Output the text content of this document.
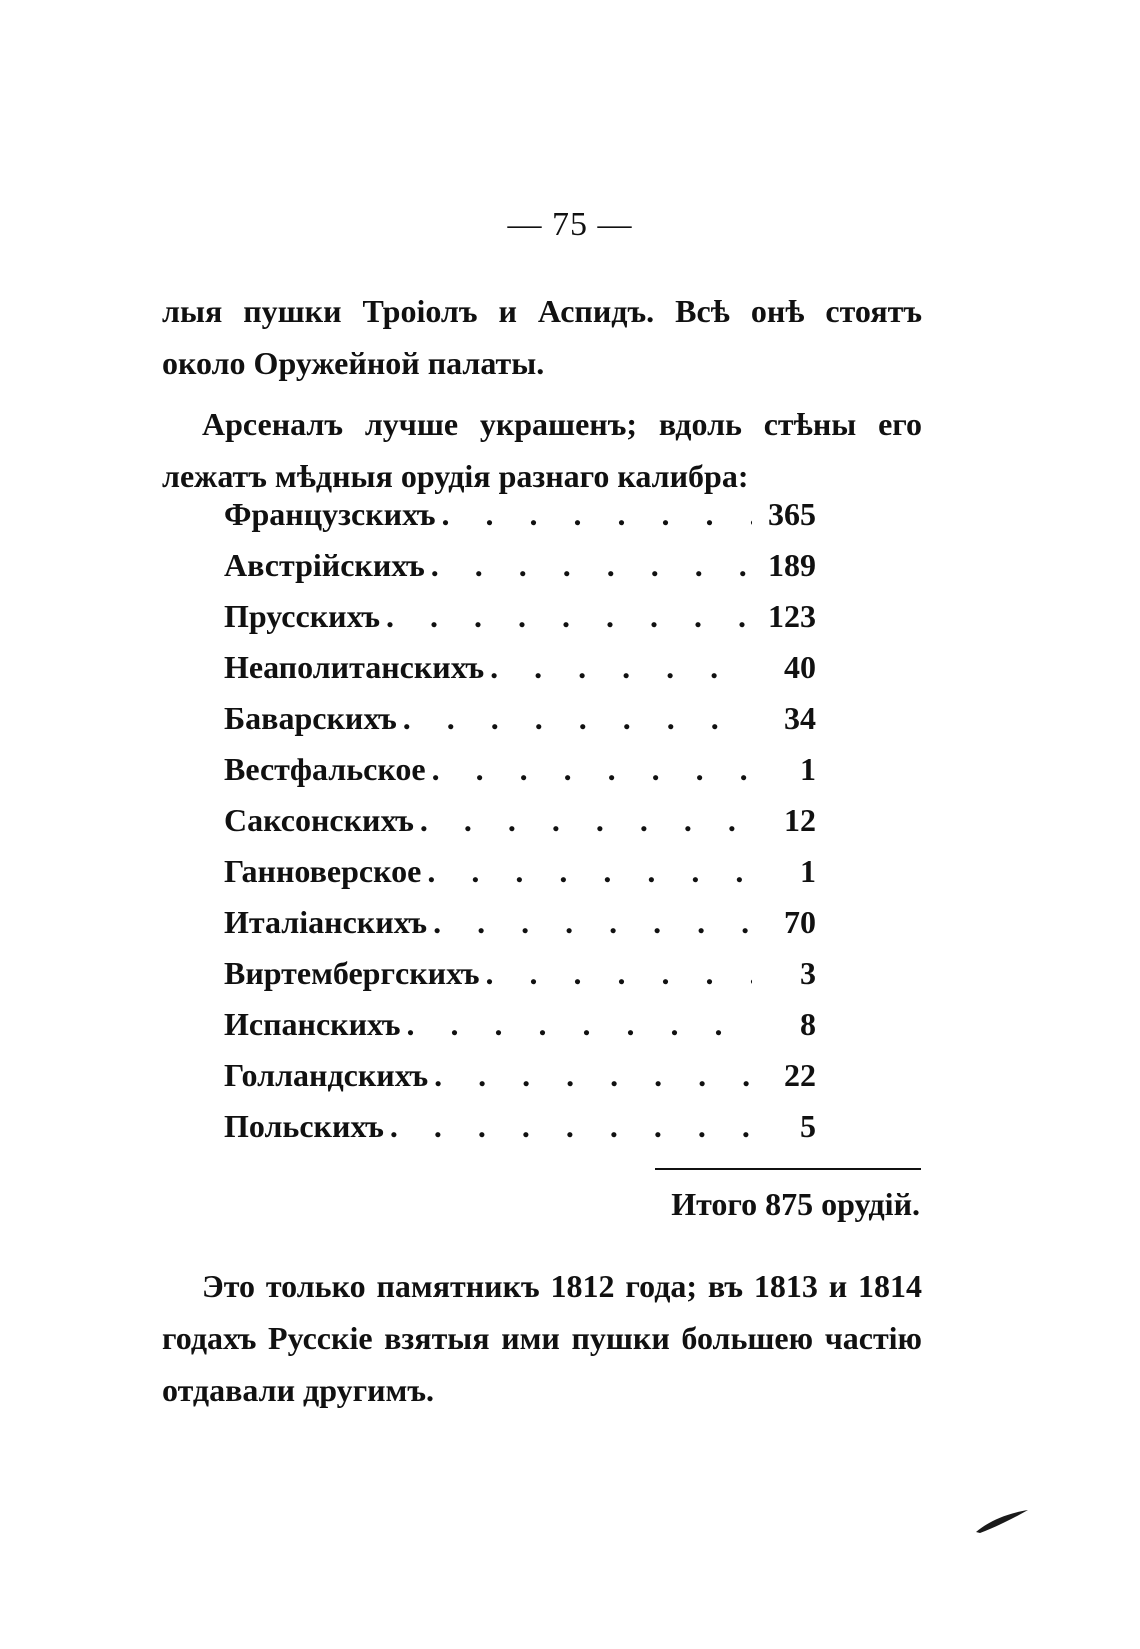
— 75 —
лыя пушки Троіолъ и Аспидъ. Всѣ онѣ стоятъ около Оружейной палаты.
Арсеналъ лучше украшенъ; вдоль стѣны его лежатъ мѣдныя орудія разнаго калибра:
Французскихъ . . .	365
Австрійскихъ . . .	189
Прусскихъ . . .	123
Неаполитанскихъ . . .	40
Баварскихъ . . .	34
Вестфальское . . .	1
Саксонскихъ . . .	12
Ганноверское . . .	1
Италіанскихъ . . .	70
Виртембергскихъ . . .	3
Испанскихъ . . .	8
Голландскихъ . . .	22
Польскихъ . . .	5
Итого 875 орудій.
Это только памятникъ 1812 года; въ 1813 и 1814 годахъ Русскіе взятыя ими пушки большею частію отдавали другимъ.
